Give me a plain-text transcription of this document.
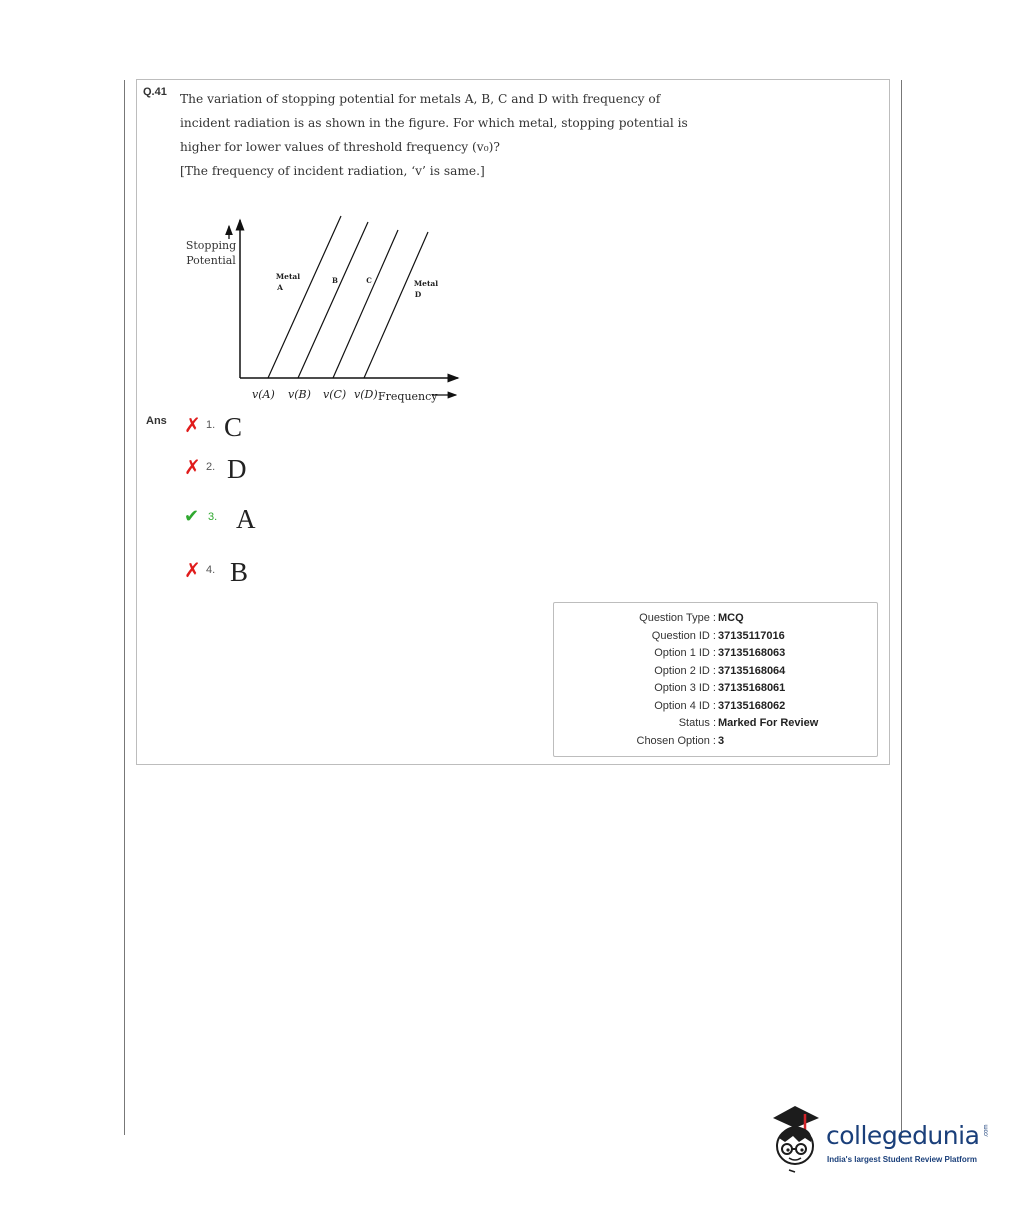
Q.41 The variation of stopping potential for metals A, B, C and D with frequency of

incident radiation is as shown in the figure. For which metal, stopping potential is

higher for lower values of threshold frequency (v₀)?

[The frequency of incident radiation, ‘v’ is same.]

Stopping
Potential
Metal
A
B	C	Metal
D
v(A) v(B) v(C) v(D) Frequency
Ans ✗ 1. C
✗ 2. D
✔ 3. A
✗ 4. B
Question Type : MCQ
Question ID : 37135117016
Option 1 ID : 37135168063
Option 2 ID : 37135168064
Option 3 ID : 37135168061
Option 4 ID : 37135168062
Status : Marked For Review
Chosen Option : 3
collegedunia .com
India's largest Student Review Platform
